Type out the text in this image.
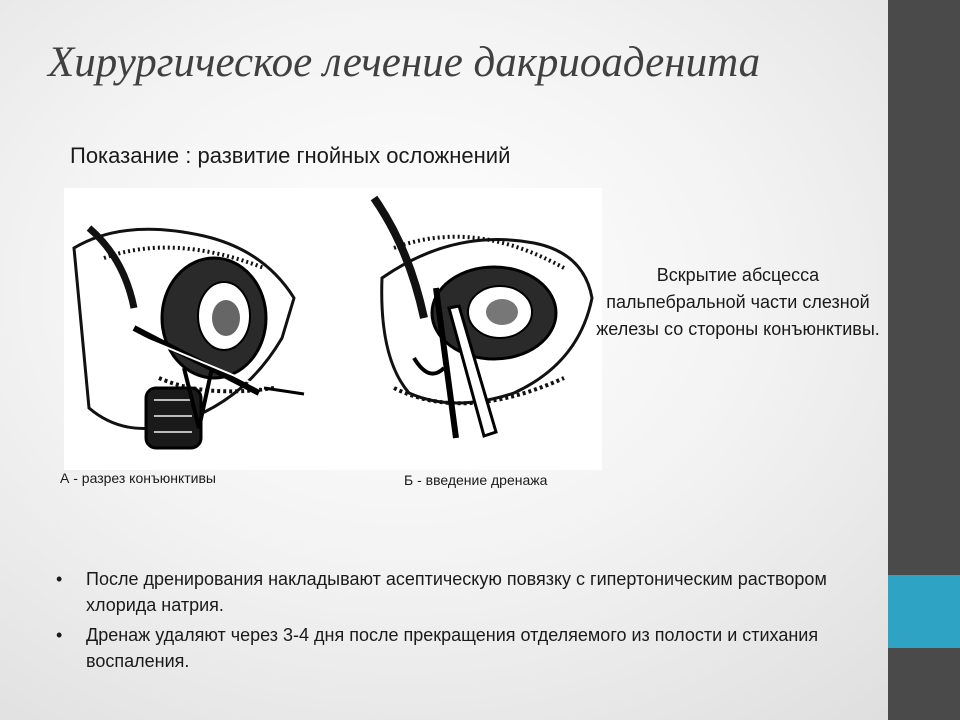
Хирургическое лечение дакриоаденита
Показание : развитие гнойных осложнений
А - разрез конъюнктивы	Б - введение дренажа
Вскрытие абсцесса пальпебральной части слезной железы со стороны конъюнктивы.
• После дренирования накладывают асептическую повязку с гипертоническим раствором хлорида натрия.
• Дренаж удаляют через 3-4 дня после прекращения отделяемого из полости и стихания воспаления.
